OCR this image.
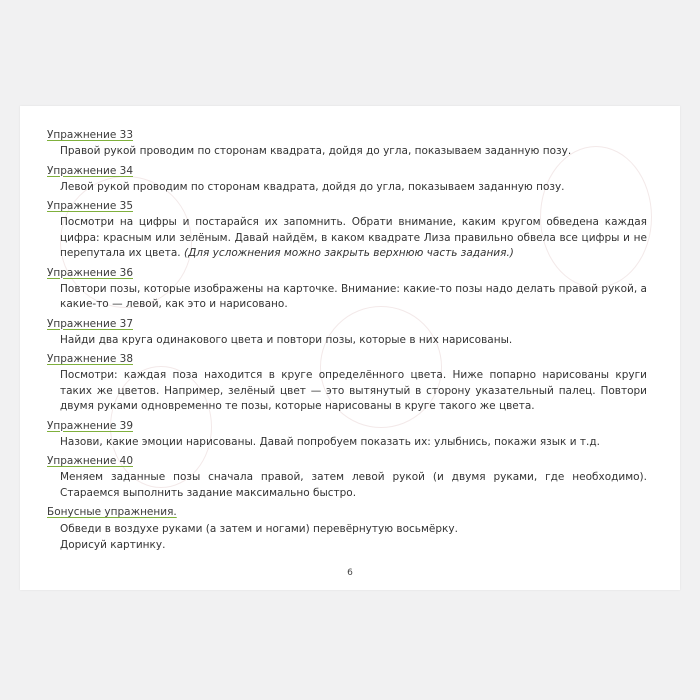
Упражнение 33

Правой рукой проводим по сторонам квадрата, дойдя до угла, показываем заданную позу.

Упражнение 34

Левой рукой проводим по сторонам квадрата, дойдя до угла, показываем заданную позу.

Упражнение 35

Посмотри на цифры и постарайся их запомнить. Обрати внимание, каким кругом обведена каждая цифра: красным или зелёным. Давай найдём, в каком квадрате Лиза правильно обвела все цифры и не перепутала их цвета. (Для усложнения можно закрыть верхнюю часть задания.)

Упражнение 36

Повтори позы, которые изображены на карточке. Внимание: какие-то позы надо делать правой рукой, а какие-то — левой, как это и нарисовано.

Упражнение 37

Найди два круга одинакового цвета и повтори позы, которые в них нарисованы.

Упражнение 38

Посмотри: каждая поза находится в круге определённого цвета. Ниже попарно нарисованы круги таких же цветов. Например, зелёный цвет — это вытянутый в сторону указательный палец. Повтори двумя руками одновременно те позы, которые нарисованы в круге такого же цвета.

Упражнение 39

Назови, какие эмоции нарисованы. Давай попробуем показать их: улыбнись, покажи язык и т.д.

Упражнение 40

Меняем заданные позы сначала правой, затем левой рукой (и двумя руками, где необходимо). Стараемся выполнить задание максимально быстро.

Бонусные упражнения.

Обведи в воздухе руками (а затем и ногами) перевёрнутую восьмёрку.

Дорисуй картинку.

6
